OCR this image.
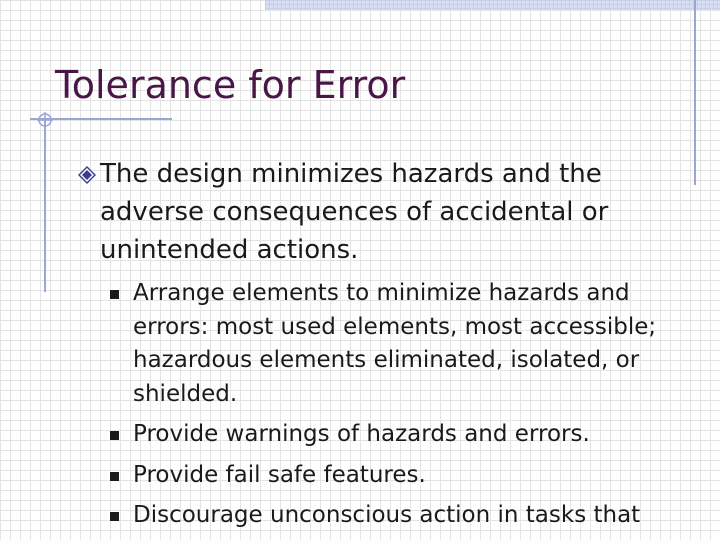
Tolerance for Error
The design minimizes hazards and the adverse consequences of accidental or unintended actions.
Arrange elements to minimize hazards and errors: most used elements, most accessible; hazardous elements eliminated, isolated, or shielded.
Provide warnings of hazards and errors.
Provide fail safe features.
Discourage unconscious action in tasks that
